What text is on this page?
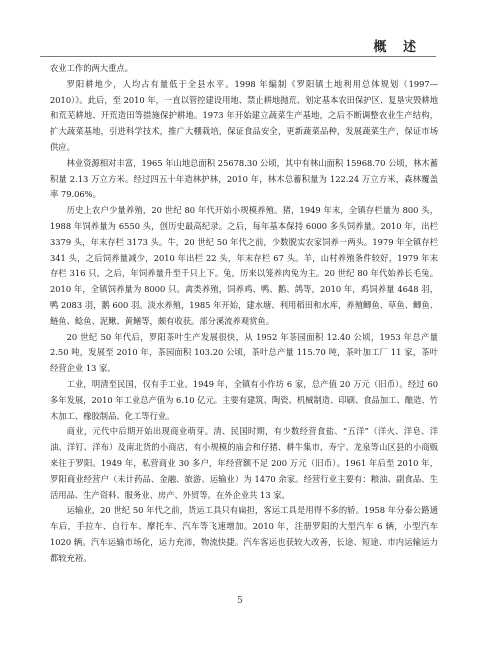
概 述

农业工作的两大重点。

罗阳耕地少，人均占有量低于全县水平。1998 年编制《罗阳镇土地利用总体规划（1997—2010）》。此后，至 2010 年，一直以管控建设用地、禁止耕地抛荒、划定基本农田保护区、复垦灾毁耕地和荒芜耕地、开荒造田等措施保护耕地。1973 年开始建立蔬菜生产基地，之后不断调整农业生产结构，扩大蔬菜基地，引进科学技术，推广大棚栽培，保证食品安全，更新蔬菜品种，发展蔬菜生产，保证市场供应。

林业资源相对丰富，1965 年山地总面积 25678.30 公顷，其中有林山面积 15968.70 公顷，林木蓄积量 2.13 万立方米。经过四五十年造林护林，2010 年，林木总蓄积量为 122.24 万立方米，森林覆盖率 79.06%。

历史上农户少量养殖，20 世纪 80 年代开始小规模养殖。猪，1949 年末，全镇存栏量为 800 头，1988 年饲养量为 6550 头，创历史最高纪录。之后，每年基本保持 6000 多头饲养量。2010 年，出栏 3379 头，年末存栏 3173 头。牛，20 世纪 50 年代之前，少数脱实农家饲养一两头。1979 年全镇存栏 341 头，之后饲养量减少，2010 年出栏 22 头，年末存栏 67 头。羊，山村养殖条件较好，1979 年末存栏 316 只，之后，年饲养量升至千只上下。兔，历来以笼养肉兔为主。20 世纪 80 年代始养长毛兔。2010 年，全镇饲养量为 8000 只。禽类养殖，饲养鸡、鸭、鹅、鸽等，2010 年，鸡饲养量 4648 羽，鸭 2083 羽，鹅 600 羽。淡水养殖，1985 年开始，建水塘、利用稻田和水库，养殖鲫鱼、草鱼、鲫鱼、鲢鱼、鲶鱼、泥鳅、黄鳝等，颇有收获。部分溪流养观赏鱼。

20 世纪 50 年代后，罗阳茶叶生产发展很快，从 1952 年茶园面积 12.40 公顷，1953 年总产量 2.50 吨，发展至 2010 年，茶园面积 103.20 公顷，茶叶总产量 115.70 吨，茶叶加工厂 11 家，茶叶经营企业 13 家。

工业，明清至民国，仅有手工业。1949 年，全镇有小作坊 6 家，总产值 20 万元（旧币）。经过 60 多年发展，2010 年工业总产值为 6.10 亿元。主要有建筑、陶瓷、机械制造、印刷、食品加工、酿造、竹木加工、橡胶制品、化工等行业。

商业，元代中后期开始出现商业萌芽。清、民国时期，有少数经营食盐、“五洋”（洋火、洋皂、洋油、洋钉、洋布）及南北货的小商店，有小规模的庙会和仔猪、耕牛集市，寿宁、龙泉等山区县的小商贩来往于罗阳。1949 年，私营商业 30 多户，年经营额不足 200 万元（旧币）。1961 年后至 2010 年，罗阳商业经营户（未计药品、金融、旅游、运输业）为 1470 余家。经营行业主要有：粮油、副食品、生活用品、生产资料、服务业、房产、外贸等。在外企业共 13 家。

运输业，20 世纪 50 年代之前，货运工具只有扁担，客运工具是用得不多的轿。1958 年分泰公路通车后，手拉车、自行车、摩托车、汽车等飞速增加。2010 年，注册罗阳的大型汽车 6 辆，小型汽车 1020 辆。汽车运输市场化，运力充沛，物流快捷。汽车客运也获较大改善，长途、短途、市内运输运力都较充裕。

5
